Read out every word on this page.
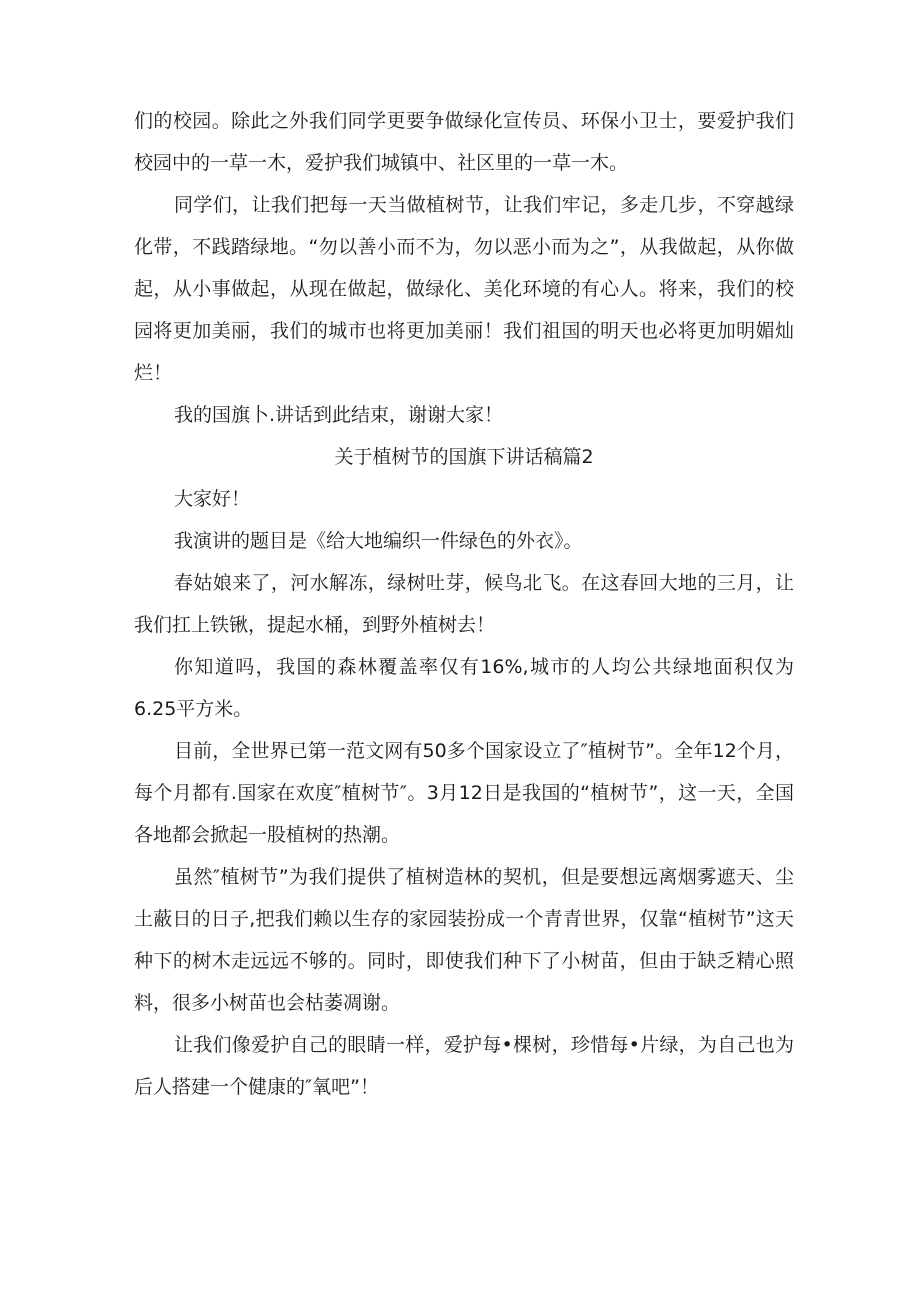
们的校园。除此之外我们同学更要争做绿化宣传员、环保小卫士，要爱护我们校园中的一草一木，爱护我们城镇中、社区里的一草一木。

同学们，让我们把每一天当做植树节，让我们牢记，多走几步，不穿越绿化带，不践踏绿地。“勿以善小而不为，勿以恶小而为之”，从我做起，从你做起，从小事做起，从现在做起，做绿化、美化环境的有心人。将来，我们的校园将更加美丽，我们的城市也将更加美丽！我们祖国的明天也必将更加明媚灿烂！

我的国旗卜.讲话到此结束，谢谢大家！

关于植树节的国旗下讲话稿篇2

大家好！

我演讲的题目是《给大地编织一件绿色的外衣》。

春姑娘来了，河水解冻，绿树吐芽，候鸟北飞。在这春回大地的三月，让我们扛上铁锹，提起水桶，到野外植树去！

你知道吗，我国的森林覆盖率仅有16%,城市的人均公共绿地面积仅为6.25平方米。

目前，全世界已第一范文网有50多个国家设立了″植树节”。全年12个月，每个月都有.国家在欢度″植树节″。3月12日是我国的“植树节”，这一天，全国各地都会掀起一股植树的热潮。

虽然″植树节”为我们提供了植树造林的契机，但是要想远离烟雾遮天、尘土蔽日的日子,把我们赖以生存的家园装扮成一个青青世界，仅靠“植树节”这天种下的树木走远远不够的。同时，即使我们种下了小树苗，但由于缺乏精心照料，很多小树苗也会枯萎凋谢。

让我们像爱护自己的眼睛一样，爱护每•棵树，珍惜每•片绿，为自己也为后人搭建一个健康的″氧吧”！
